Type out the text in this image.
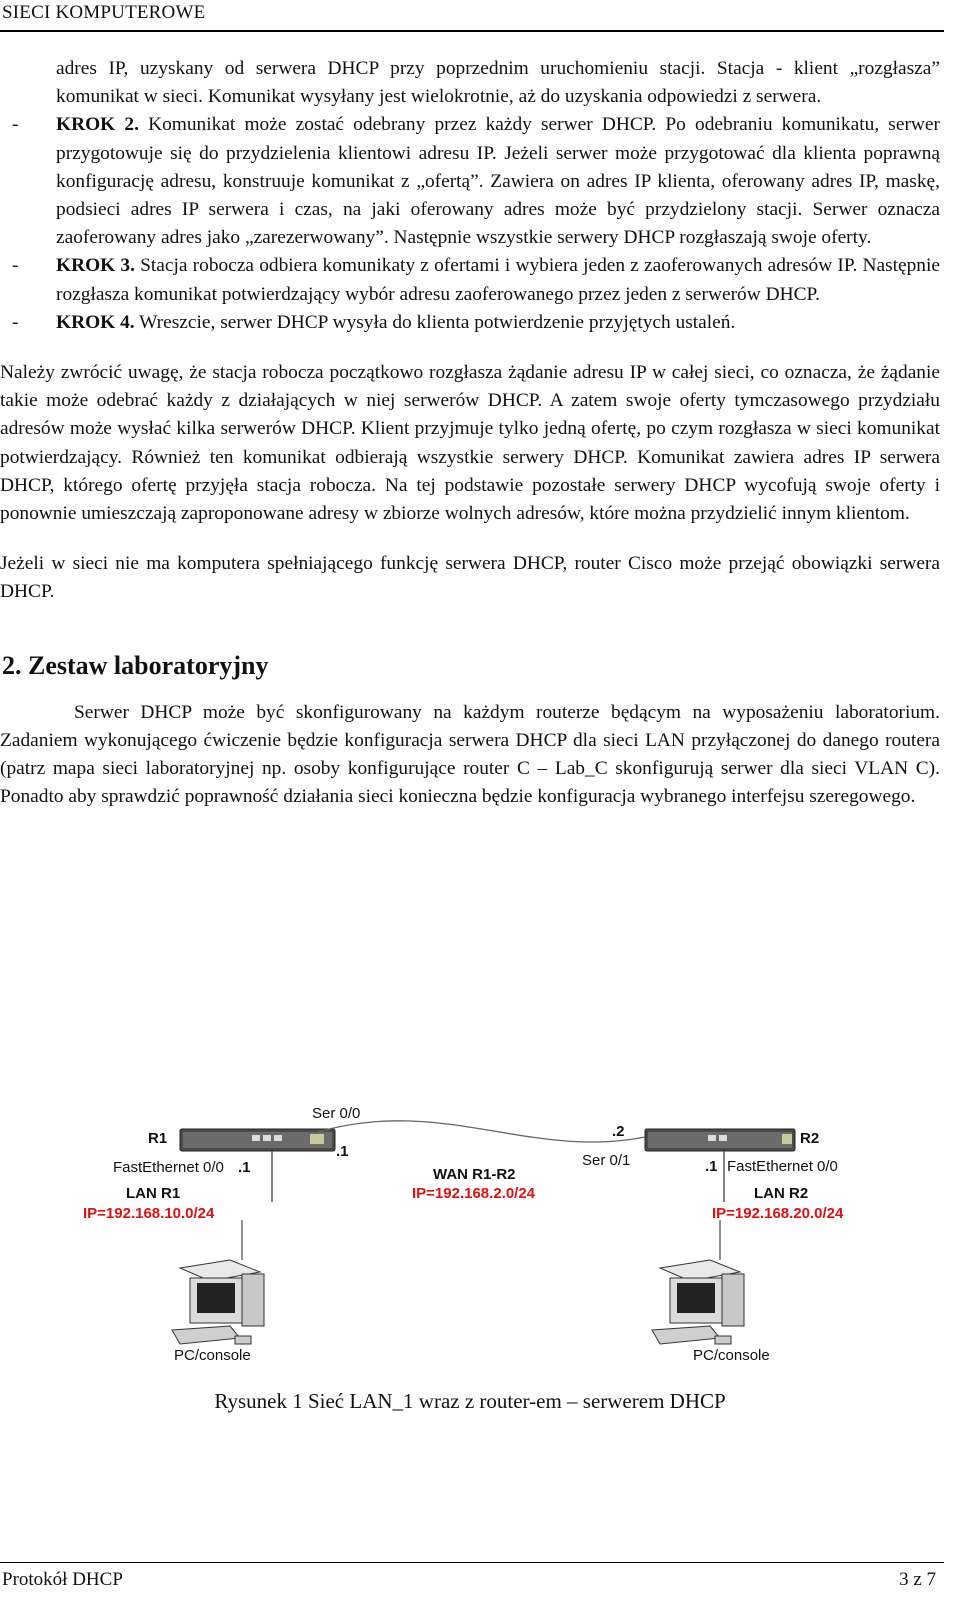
SIECI KOMPUTEROWE

adres IP, uzyskany od serwera DHCP przy poprzednim uruchomieniu stacji. Stacja - klient „rozgłasza” komunikat w sieci. Komunikat wysyłany jest wielokrotnie, aż do uzyskania odpowiedzi z serwera.

- KROK 2. Komunikat może zostać odebrany przez każdy serwer DHCP. Po odebraniu komunikatu, serwer przygotowuje się do przydzielenia klientowi adresu IP. Jeżeli serwer może przygotować dla klienta poprawną konfigurację adresu, konstruuje komunikat z „ofertą”. Zawiera on adres IP klienta, oferowany adres IP, maskę, podsieci adres IP serwera i czas, na jaki oferowany adres może być przydzielony stacji. Serwer oznacza zaoferowany adres jako „zarezerwowany”. Następnie wszystkie serwery DHCP rozgłaszają swoje oferty.

- KROK 3. Stacja robocza odbiera komunikaty z ofertami i wybiera jeden z zaoferowanych adresów IP. Następnie rozgłasza komunikat potwierdzający wybór adresu zaoferowanego przez jeden z serwerów DHCP.

- KROK 4. Wreszcie, serwer DHCP wysyła do klienta potwierdzenie przyjętych ustaleń.

Należy zwrócić uwagę, że stacja robocza początkowo rozgłasza żądanie adresu IP w całej sieci, co oznacza, że żądanie takie może odebrać każdy z działających w niej serwerów DHCP. A zatem swoje oferty tymczasowego przydziału adresów może wysłać kilka serwerów DHCP. Klient przyjmuje tylko jedną ofertę, po czym rozgłasza w sieci komunikat potwierdzający. Również ten komunikat odbierają wszystkie serwery DHCP. Komunikat zawiera adres IP serwera DHCP, którego ofertę przyjęła stacja robocza. Na tej podstawie pozostałe serwery DHCP wycofują swoje oferty i ponownie umieszczają zaproponowane adresy w zbiorze wolnych adresów, które można przydzielić innym klientom.

Jeżeli w sieci nie ma komputera spełniającego funkcję serwera DHCP, router Cisco może przejąć obowiązki serwera DHCP.

2. Zestaw laboratoryjny

Serwer DHCP może być skonfigurowany na każdym routerze będącym na wyposażeniu laboratorium. Zadaniem wykonującego ćwiczenie będzie konfiguracja serwera DHCP dla sieci LAN przyłączonej do danego routera (patrz mapa sieci laboratoryjnej np. osoby konfigurujące router C – Lab_C skonfigurują serwer dla sieci VLAN C). Ponadto aby sprawdzić poprawność działania sieci konieczna będzie konfiguracja wybranego interfejsu szeregowego.

Ser 0/0
.1
.2
Ser 0/1
R1	R2
FastEthernet 0/0 .1	.1 FastEthernet 0/0
WAN R1-R2
IP=192.168.2.0/24
LAN R1
IP=192.168.10.0/24
LAN R2
IP=192.168.20.0/24
PC/console	PC/console
Rysunek 1 Sieć LAN_1 wraz z router-em – serwerem DHCP
Protokół DHCP	3 z 7
